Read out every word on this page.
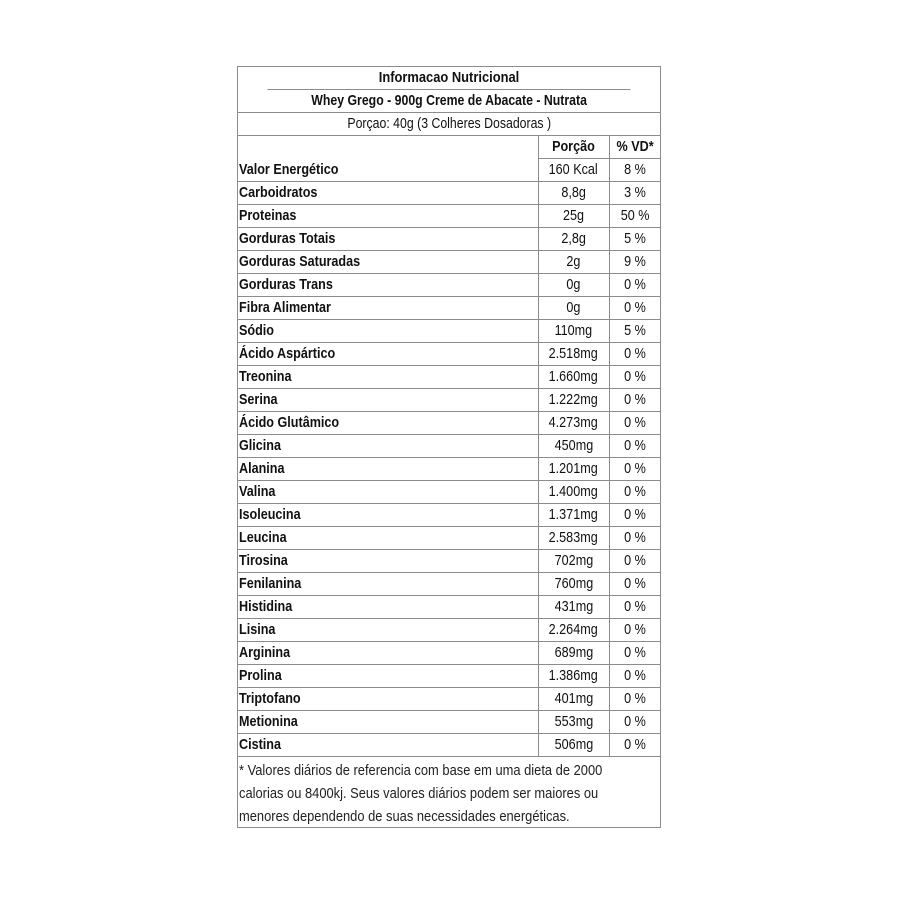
Informacao Nutricional
Whey Grego - 900g Creme de Abacate - Nutrata
Porçao: 40g (3 Colheres Dosadoras )
	Porção	% VD*
Valor Energético	160 Kcal	8 %
Carboidratos	8,8g	3 %
Proteinas	25g	50 %
Gorduras Totais	2,8g	5 %
Gorduras Saturadas	2g	9 %
Gorduras Trans	0g	0 %
Fibra Alimentar	0g	0 %
Sódio	110mg	5 %
Ácido Aspártico	2.518mg	0 %
Treonina	1.660mg	0 %
Serina	1.222mg	0 %
Ácido Glutâmico	4.273mg	0 %
Glicina	450mg	0 %
Alanina	1.201mg	0 %
Valina	1.400mg	0 %
Isoleucina	1.371mg	0 %
Leucina	2.583mg	0 %
Tirosina	702mg	0 %
Fenilanina	760mg	0 %
Histidina	431mg	0 %
Lisina	2.264mg	0 %
Arginina	689mg	0 %
Prolina	1.386mg	0 %
Triptofano	401mg	0 %
Metionina	553mg	0 %
Cistina	506mg	0 %
* Valores diários de referencia com base em uma dieta de 2000
calorias ou 8400kj. Seus valores diários podem ser maiores ou
menores dependendo de suas necessidades energéticas.
